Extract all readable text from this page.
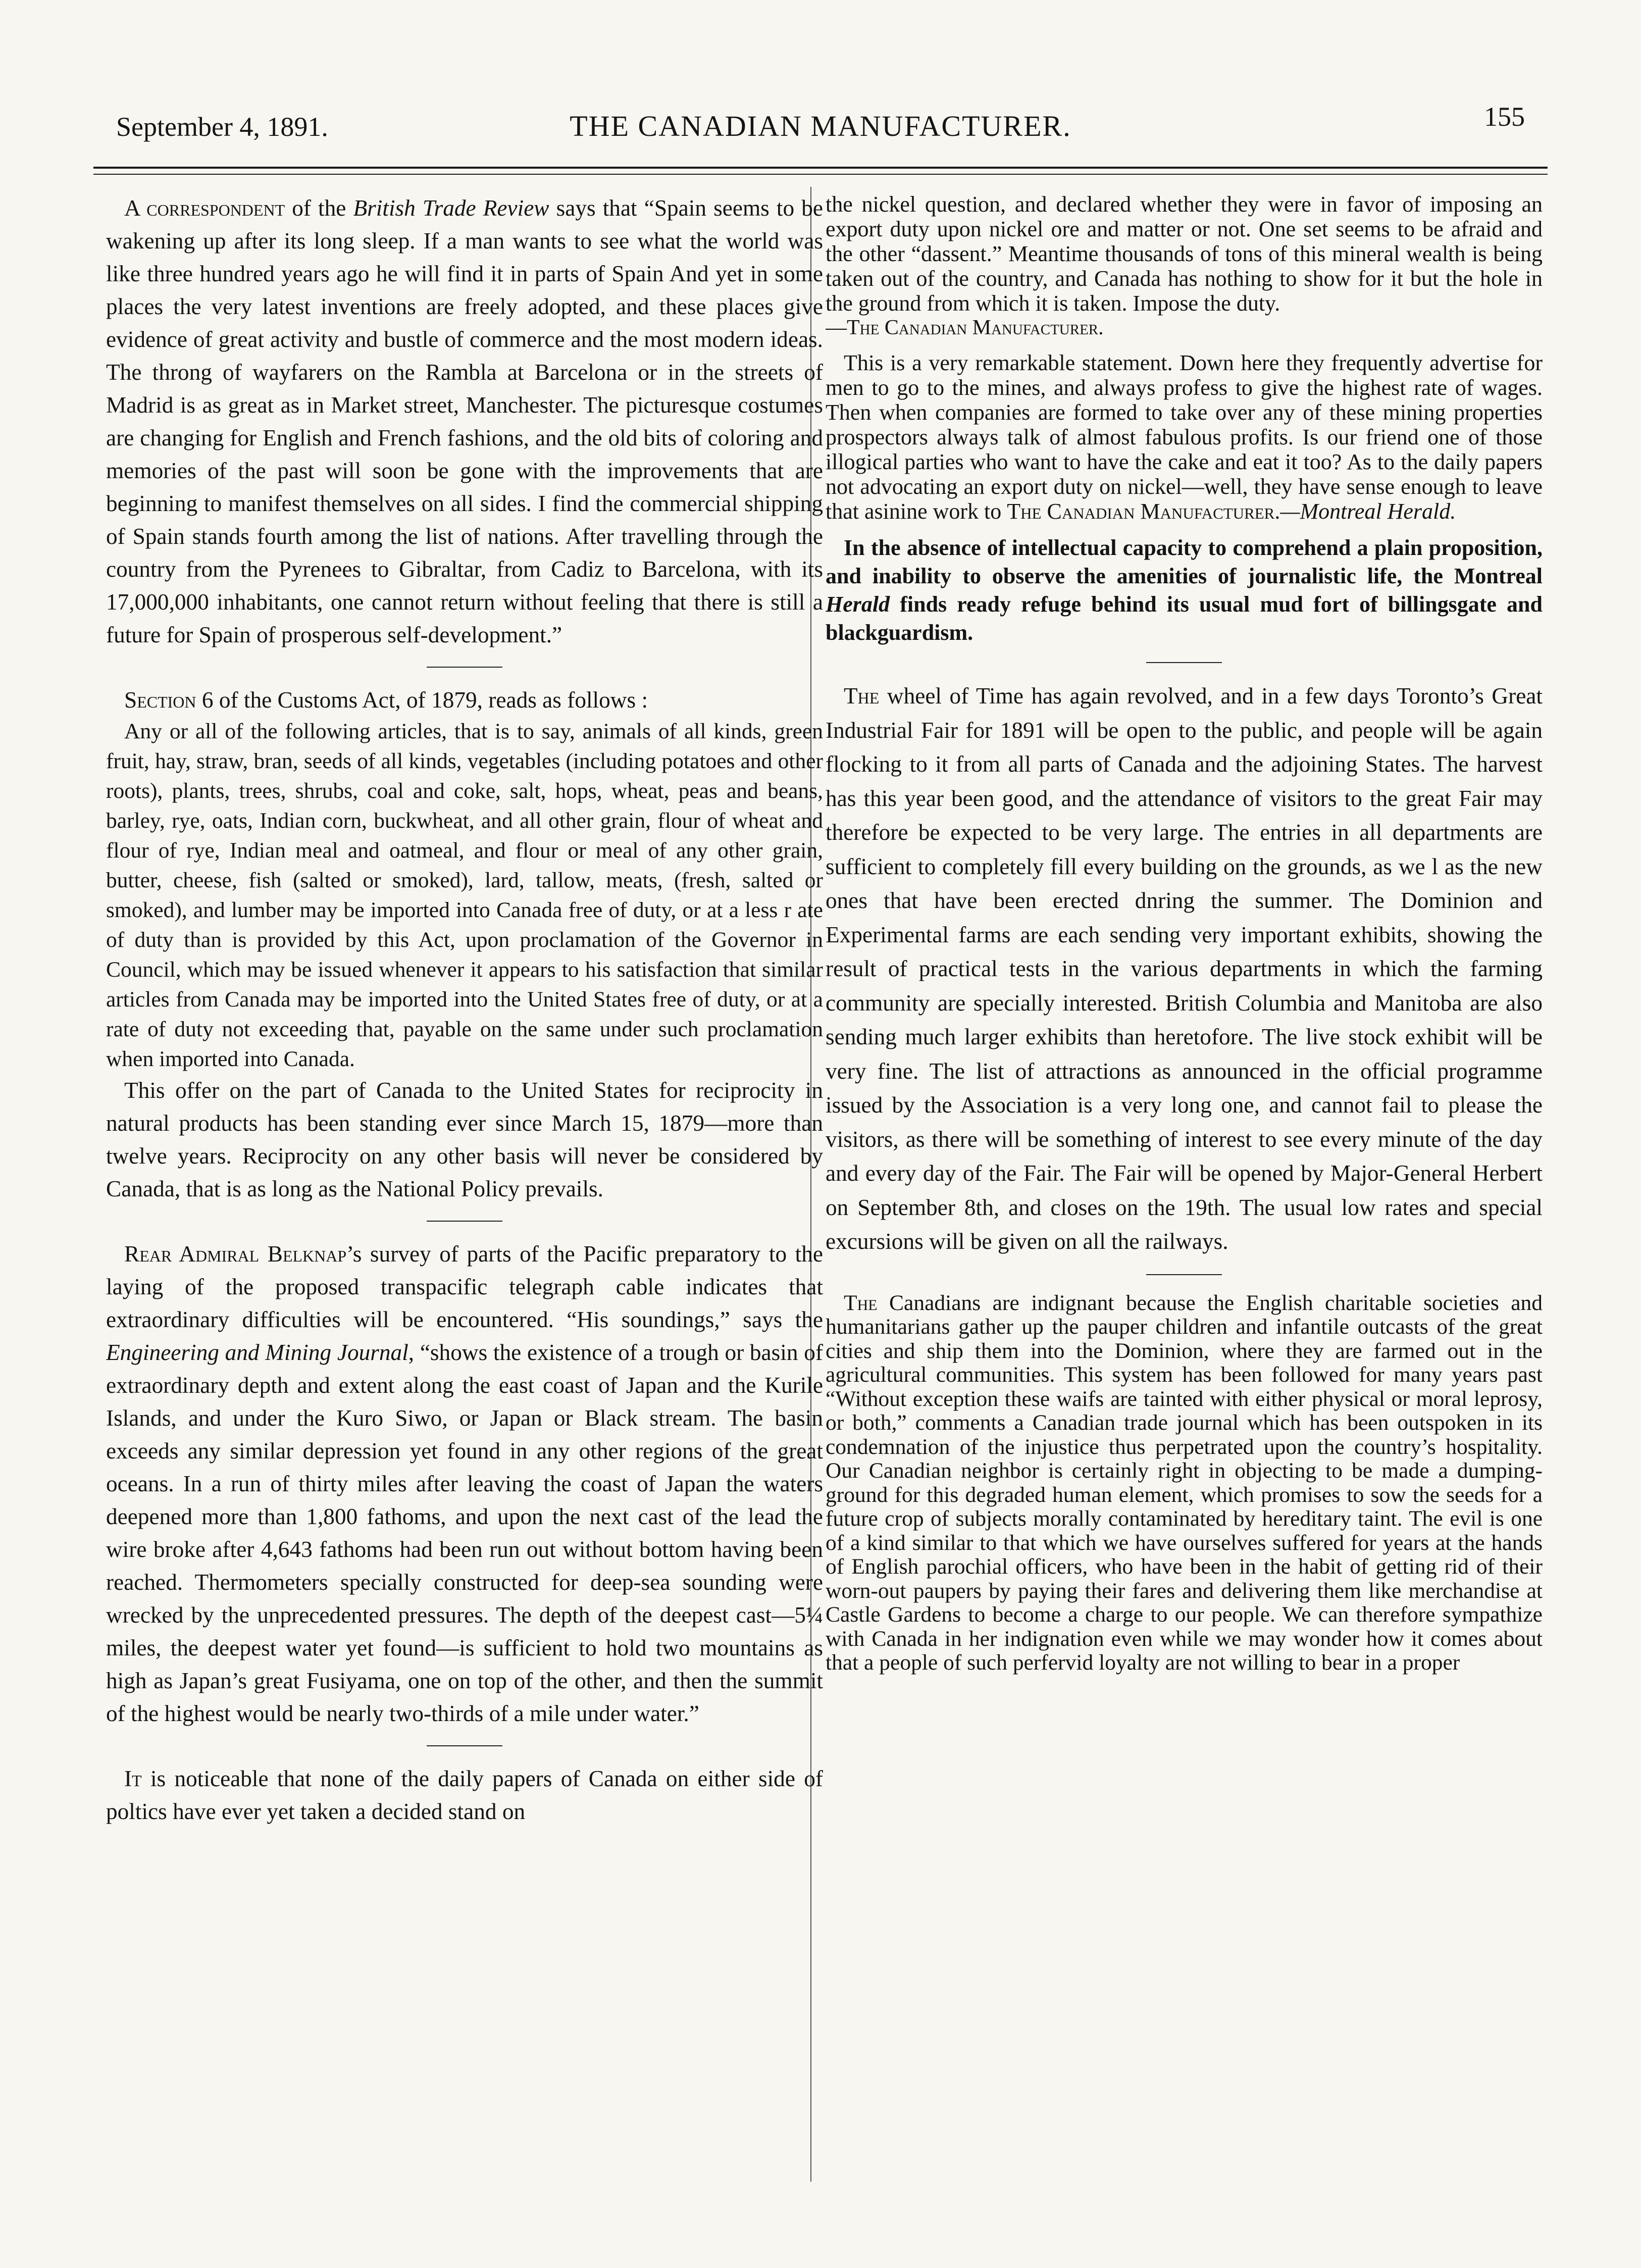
September 4, 1891.	THE CANADIAN MANUFACTURER.	155

A correspondent of the British Trade Review says that “Spain seems to be wakening up after its long sleep. If a man wants to see what the world was like three hundred years ago he will find it in parts of Spain And yet in some places the very latest inventions are freely adopted, and these places give evidence of great activity and bustle of commerce and the most modern ideas. The throng of wayfarers on the Rambla at Barcelona or in the streets of Madrid is as great as in Market street, Manchester. The picturesque costumes are changing for English and French fashions, and the old bits of coloring and memories of the past will soon be gone with the improvements that are beginning to manifest themselves on all sides. I find the commercial shipping of Spain stands fourth among the list of nations. After travelling through the country from the Pyrenees to Gibraltar, from Cadiz to Barcelona, with its 17,000,000 inhabitants, one cannot return without feeling that there is still a future for Spain of prosperous self-development.”

Section 6 of the Customs Act, of 1879, reads as follows :

Any or all of the following articles, that is to say, animals of all kinds, green fruit, hay, straw, bran, seeds of all kinds, vegetables (including potatoes and other roots), plants, trees, shrubs, coal and coke, salt, hops, wheat, peas and beans, barley, rye, oats, Indian corn, buckwheat, and all other grain, flour of wheat and flour of rye, Indian meal and oatmeal, and flour or meal of any other grain, butter, cheese, fish (salted or smoked), lard, tallow, meats, (fresh, salted or smoked), and lumber may be imported into Canada free of duty, or at a less r ate of duty than is provided by this Act, upon proclamation of the Governor in Council, which may be issued whenever it appears to his satisfaction that similar articles from Canada may be imported into the United States free of duty, or at a rate of duty not exceeding that, payable on the same under such proclamation when imported into Canada.

This offer on the part of Canada to the United States for reciprocity in natural products has been standing ever since March 15, 1879—more than twelve years. Reciprocity on any other basis will never be considered by Canada, that is as long as the National Policy prevails.

Rear Admiral Belknap’s survey of parts of the Pacific preparatory to the laying of the proposed transpacific telegraph cable indicates that extraordinary difficulties will be encountered. “His soundings,” says the Engineering and Mining Journal, “shows the existence of a trough or basin of extraordinary depth and extent along the east coast of Japan and the Kurile Islands, and under the Kuro Siwo, or Japan or Black stream. The basin exceeds any similar depression yet found in any other regions of the great oceans. In a run of thirty miles after leaving the coast of Japan the waters deepened more than 1,800 fathoms, and upon the next cast of the lead the wire broke after 4,643 fathoms had been run out without bottom having been reached. Thermometers specially constructed for deep-sea sounding were wrecked by the unprecedented pressures. The depth of the deepest cast—5¼ miles, the deepest water yet found—is sufficient to hold two mountains as high as Japan’s great Fusiyama, one on top of the other, and then the summit of the highest would be nearly two-thirds of a mile under water.”

It is noticeable that none of the daily papers of Canada on either side of poltics have ever yet taken a decided stand on

the nickel question, and declared whether they were in favor of imposing an export duty upon nickel ore and matter or not. One set seems to be afraid and the other “dassent.” Meantime thousands of tons of this mineral wealth is being taken out of the country, and Canada has nothing to show for it but the hole in the ground from which it is taken. Impose the duty.

—The Canadian Manufacturer.

This is a very remarkable statement. Down here they frequently advertise for men to go to the mines, and always profess to give the highest rate of wages. Then when companies are formed to take over any of these mining properties prospectors always talk of almost fabulous profits. Is our friend one of those illogical parties who want to have the cake and eat it too? As to the daily papers not advocating an export duty on nickel—well, they have sense enough to leave that asinine work to The Canadian Manufacturer.—Montreal Herald.

In the absence of intellectual capacity to comprehend a plain proposition, and inability to observe the amenities of journalistic life, the Montreal Herald finds ready refuge behind its usual mud fort of billingsgate and blackguardism.

The wheel of Time has again revolved, and in a few days Toronto’s Great Industrial Fair for 1891 will be open to the public, and people will be again flocking to it from all parts of Canada and the adjoining States. The harvest has this year been good, and the attendance of visitors to the great Fair may therefore be expected to be very large. The entries in all departments are sufficient to completely fill every building on the grounds, as we l as the new ones that have been erected dnring the summer. The Dominion and Experimental farms are each sending very important exhibits, showing the result of practical tests in the various departments in which the farming community are specially interested. British Columbia and Manitoba are also sending much larger exhibits than heretofore. The live stock exhibit will be very fine. The list of attractions as announced in the official programme issued by the Association is a very long one, and cannot fail to please the visitors, as there will be something of interest to see every minute of the day and every day of the Fair. The Fair will be opened by Major-General Herbert on September 8th, and closes on the 19th. The usual low rates and special excursions will be given on all the railways.

The Canadians are indignant because the English charitable societies and humanitarians gather up the pauper children and infantile outcasts of the great cities and ship them into the Dominion, where they are farmed out in the agricultural communities. This system has been followed for many years past “Without exception these waifs are tainted with either physical or moral leprosy, or both,” comments a Canadian trade journal which has been outspoken in its condemnation of the injustice thus perpetrated upon the country’s hospitality. Our Canadian neighbor is certainly right in objecting to be made a dumping-ground for this degraded human element, which promises to sow the seeds for a future crop of subjects morally contaminated by hereditary taint. The evil is one of a kind similar to that which we have ourselves suffered for years at the hands of English parochial officers, who have been in the habit of getting rid of their worn-out paupers by paying their fares and delivering them like merchandise at Castle Gardens to become a charge to our people. We can therefore sympathize with Canada in her indignation even while we may wonder how it comes about that a people of such perfervid loyalty are not willing to bear in a proper
